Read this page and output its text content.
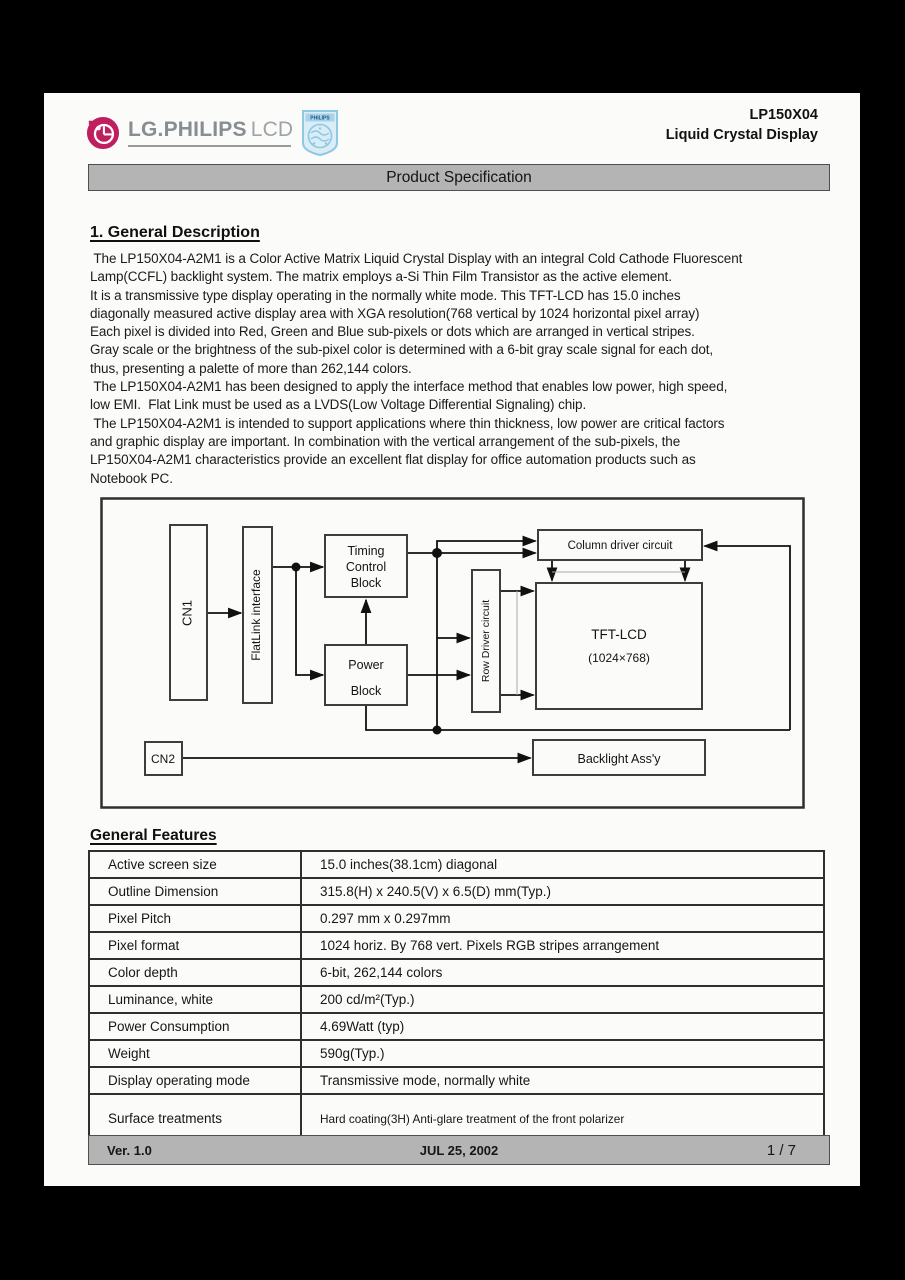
LG.PHILIPS LCD	PHILIPS	LP150X04
Liquid Crystal Display
Product Specification
1. General Description
The LP150X04-A2M1 is a Color Active Matrix Liquid Crystal Display with an integral Cold Cathode Fluorescent
Lamp(CCFL) backlight system. The matrix employs a-Si Thin Film Transistor as the active element.
It is a transmissive type display operating in the normally white mode. This TFT-LCD has 15.0 inches
diagonally measured active display area with XGA resolution(768 vertical by 1024 horizontal pixel array)
Each pixel is divided into Red, Green and Blue sub-pixels or dots which are arranged in vertical stripes.
Gray scale or the brightness of the sub-pixel color is determined with a 6-bit gray scale signal for each dot,
thus, presenting a palette of more than 262,144 colors.
The LP150X04-A2M1 has been designed to apply the interface method that enables low power, high speed,
low EMI.  Flat Link must be used as a LVDS(Low Voltage Differential Signaling) chip.
The LP150X04-A2M1 is intended to support applications where thin thickness, low power are critical factors
and graphic display are important. In combination with the vertical arrangement of the sub-pixels, the
LP150X04-A2M1 characteristics provide an excellent flat display for office automation products such as
Notebook PC.
CN1	FlatLink interface
Timing
Control
Block
Power
Block
Column driver circuit
Row Driver circuit	TFT-LCD
(1024×768)
CN2	Backlight Ass'y
General Features
Active screen size	15.0 inches(38.1cm) diagonal
Outline Dimension	315.8(H) x 240.5(V) x 6.5(D) mm(Typ.)
Pixel Pitch	0.297 mm x 0.297mm
Pixel format	1024 horiz. By 768 vert. Pixels RGB stripes arrangement
Color depth	6-bit, 262,144 colors
Luminance, white	200 cd/m²(Typ.)
Power Consumption	4.69Watt (typ)
Weight	590g(Typ.)
Display operating mode	Transmissive mode, normally white
Surface treatments	Hard coating(3H) Anti-glare treatment of the front polarizer
Ver. 1.0	JUL 25, 2002	1 / 7
